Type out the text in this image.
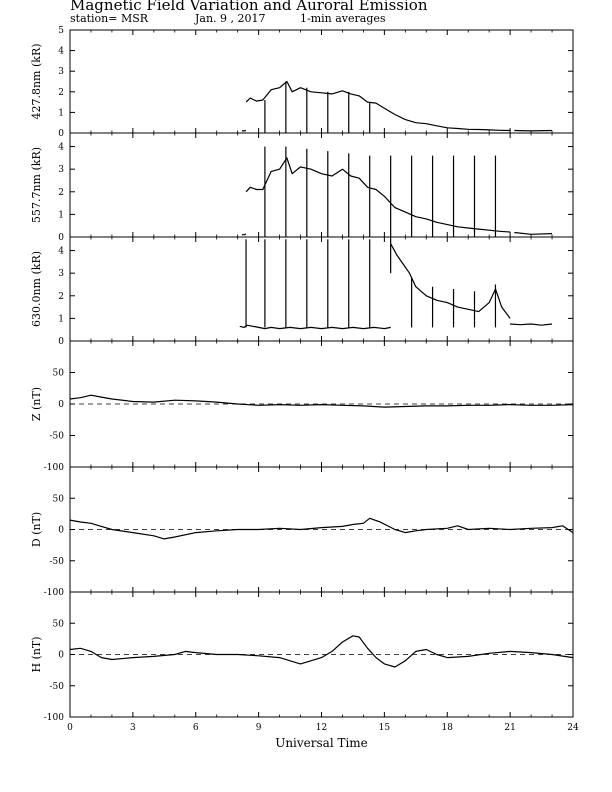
Magnetic Field Variation and Auroral Emission
station= MSR	Jan. 9 , 2017	1-min averages
0
1
2
3
4
5
427.8nm (kR)
0
1
2
3
4
557.7nm (kR)
0
1
2
3
4
630.0nm (kR)
-100
-50
0
50
Z (nT)
-100
-50
0
50
D (nT)
-100
-50
0
50
H (nT)
0	3	6	9	12	15	18	21	24
Universal Time
